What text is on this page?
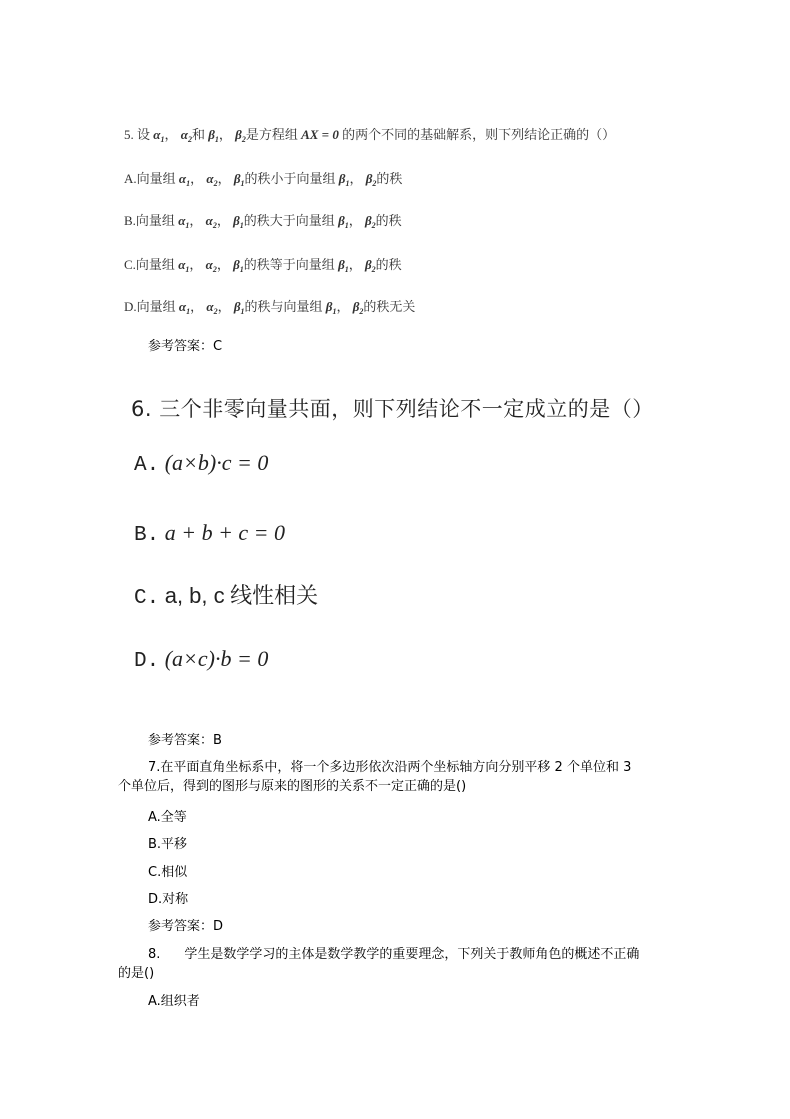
5. 设 $\alpha_1$， $\alpha_2$和 $\beta_1$， $\beta_2$是方程组 AX = 0 的两个不同的基础解系，则下列结论正确的（）
A.向量组 $\alpha_1$， $\alpha_2$， $\beta_1$的秩小于向量组 $\beta_1$， $\beta_2$的秩
B.向量组 $\alpha_1$， $\alpha_2$， $\beta_1$的秩大于向量组 $\beta_1$， $\beta_2$的秩
C.向量组 $\alpha_1$， $\alpha_2$， $\beta_1$的秩等于向量组 $\beta_1$， $\beta_2$的秩
D.向量组 $\alpha_1$， $\alpha_2$， $\beta_1$的秩与向量组 $\beta_1$， $\beta_2$的秩无关
参考答案：C
6. 三个非零向量共面，则下列结论不一定成立的是（）
A. (a×b)·c = 0
B. a + b + c = 0
C. a, b, c 线性相关
D. (a×c)·b = 0
参考答案：B
7.在平面直角坐标系中，将一个多边形依次沿两个坐标轴方向分别平移 2 个单位和 3
个单位后，得到的图形与原来的图形的关系不一定正确的是()
A.全等
B.平移
C.相似
D.对称
参考答案：D
8. 学生是数学学习的主体是数学教学的重要理念，下列关于教师角色的概述不正确
的是()
A.组织者
